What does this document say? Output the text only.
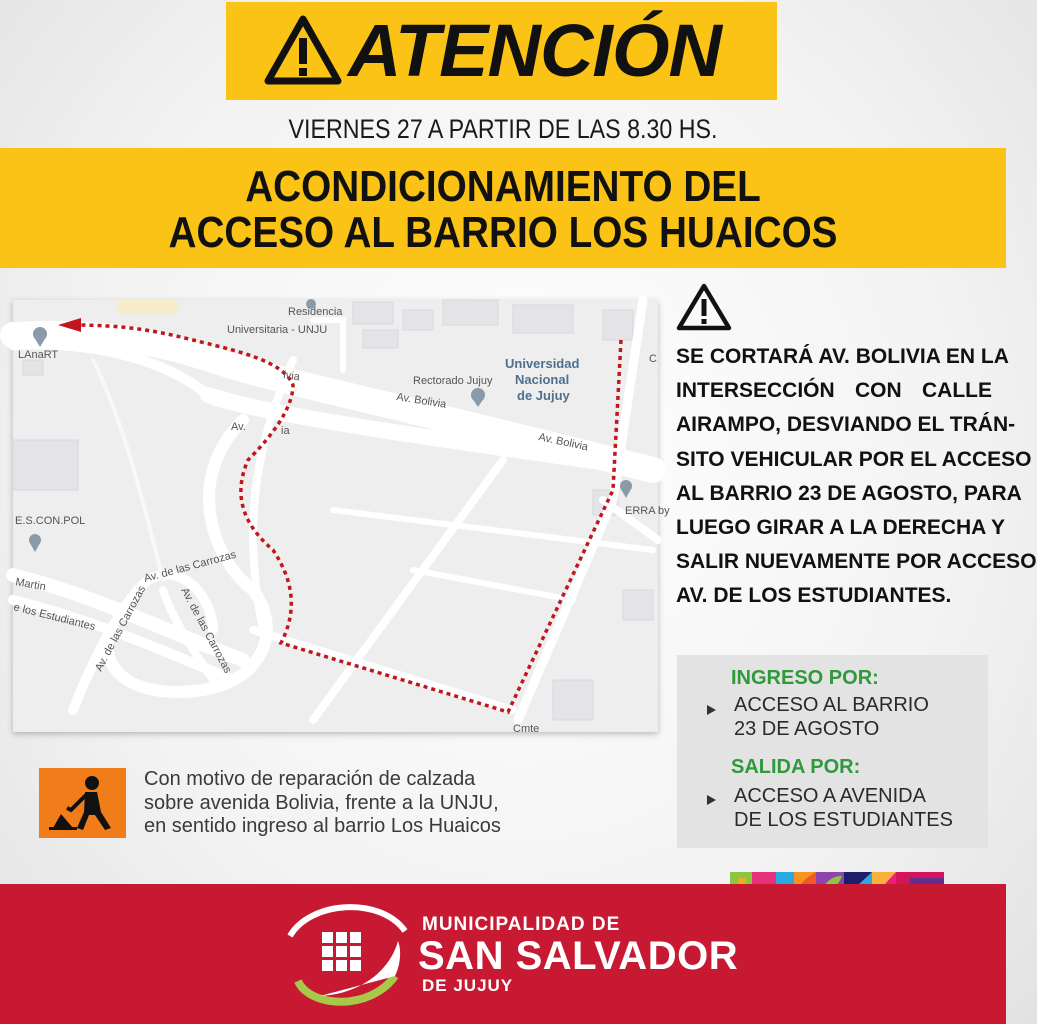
ATENCIÓN
VIERNES 27 A PARTIR DE LAS 8.30 HS.
ACONDICIONAMIENTO DEL
ACCESO AL BARRIO LOS HUAICOS
LAnaRT
Residencia
Universitaria - UNJU
Universidad
Nacional
de Jujuy
Rectorado Jujuy
ivia
Av. Bolivia
Av. Bolivia
Av.	ia
E.S.CON.POL
ERRA by
Martin
e los Estudiantes
Av. de las Carrozas
Av. de las Carrozas
Av. de las Carrozas
Cmte
C SE CORTARÁ AV. BOLIVIA EN LA
INTERSECCIÓN CON CALLE
AIRAMPO, DESVIANDO EL TRÁN-
SITO VEHICULAR POR EL ACCESO
AL BARRIO 23 DE AGOSTO, PARA
LUEGO GIRAR A LA DERECHA Y
SALIR NUEVAMENTE POR ACCESO
AV. DE LOS ESTUDIANTES.
INGRESO POR:
ACCESO AL BARRIO
23 DE AGOSTO
SALIDA POR:
ACCESO A AVENIDA
DE LOS ESTUDIANTES
Con motivo de reparación de calzada
sobre avenida Bolivia, frente a la UNJU,
en sentido ingreso al barrio Los Huaicos
MUNICIPALIDAD DE
SAN SALVADOR
DE JUJUY
